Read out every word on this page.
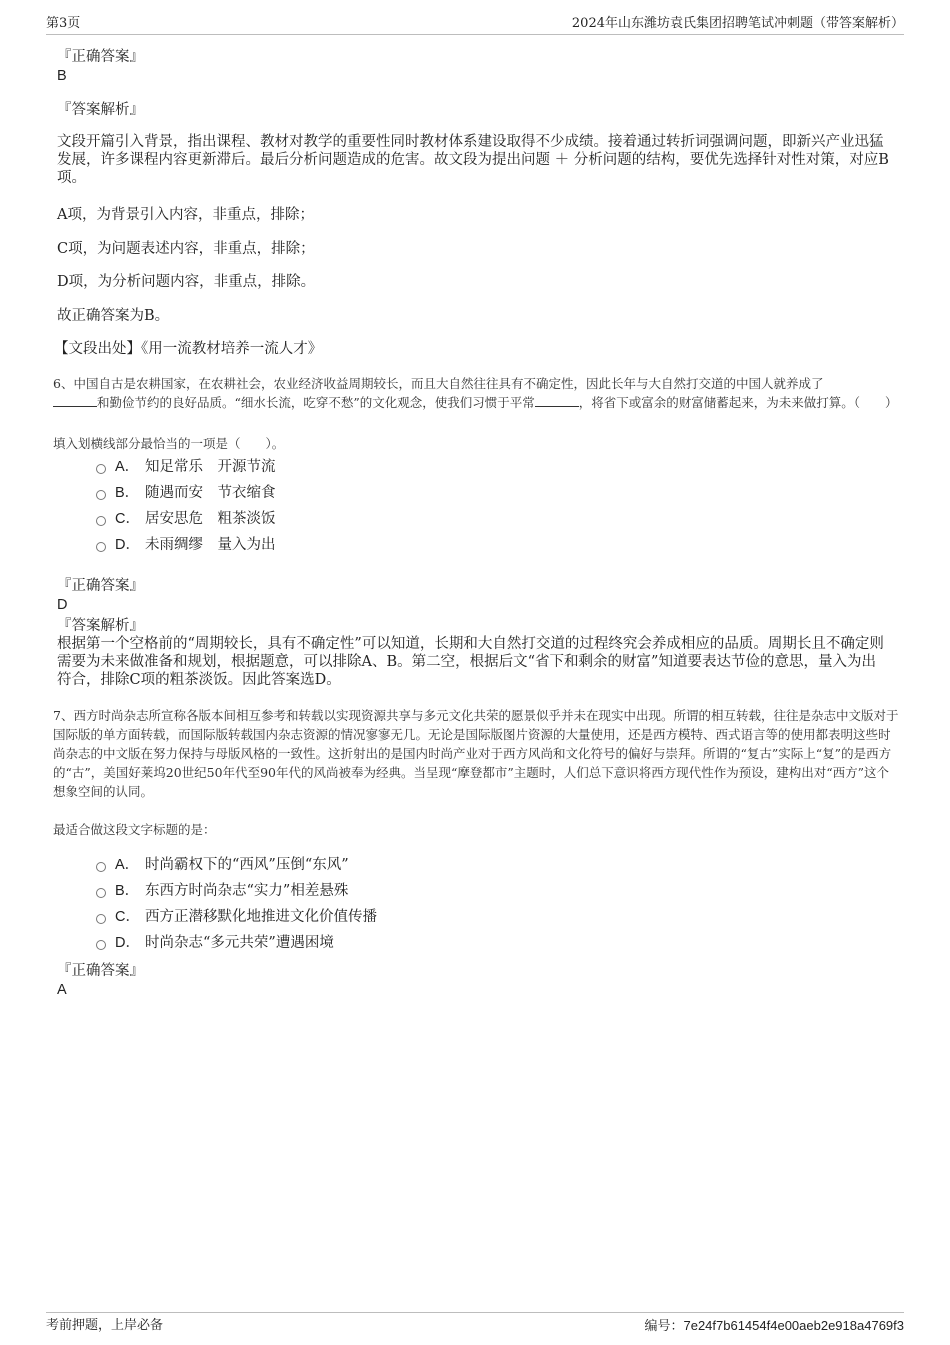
第3页	2024年山东潍坊袁氏集团招聘笔试冲刺题（带答案解析）
『正确答案』
B
『答案解析』
文段开篇引入背景，指出课程、教材对教学的重要性同时教材体系建设取得不少成绩。接着通过转折词强调问题，即新兴产业迅猛发展，许多课程内容更新滞后。最后分析问题造成的危害。故文段为提出问题 ＋ 分析问题的结构，要优先选择针对性对策，对应B项。
A项，为背景引入内容，非重点，排除；
C项，为问题表述内容，非重点，排除；
D项，为分析问题内容，非重点，排除。
故正确答案为B。
【文段出处】《用一流教材培养一流人才》
6、中国自古是农耕国家，在农耕社会，农业经济收益周期较长，而且大自然往往具有不确定性，因此长年与大自然打交道的中国人就养成了
和勤俭节约的良好品质。“细水长流，吃穿不愁”的文化观念，使我们习惯于平常	，将省下或富余的财富储蓄起来，为未来做打算。（　　）
填入划横线部分最恰当的一项是（　　）。
A． 知足常乐　开源节流
B． 随遇而安　节衣缩食
C． 居安思危　粗茶淡饭
D． 未雨绸缪　量入为出
『正确答案』
D
『答案解析』
根据第一个空格前的“周期较长，具有不确定性”可以知道，长期和大自然打交道的过程终究会养成相应的品质。周期长且不确定则需要为未来做准备和规划，根据题意，可以排除A、B。第二空，根据后文“省下和剩余的财富”知道要表达节俭的意思，量入为出符合，排除C项的粗茶淡饭。因此答案选D。
7、西方时尚杂志所宣称各版本间相互参考和转载以实现资源共享与多元文化共荣的愿景似乎并未在现实中出现。所谓的相互转载，往往是杂志中文版对于国际版的单方面转载，而国际版转载国内杂志资源的情况寥寥无几。无论是国际版图片资源的大量使用，还是西方模特、西式语言等的使用都表明这些时尚杂志的中文版在努力保持与母版风格的一致性。这折射出的是国内时尚产业对于西方风尚和文化符号的偏好与崇拜。所谓的“复古”实际上“复”的是西方的“古”，美国好莱坞20世纪50年代至90年代的风尚被奉为经典。当呈现“摩登都市”主题时，人们总下意识将西方现代性作为预设，建构出对“西方”这个想象空间的认同。
最适合做这段文字标题的是：
A． 时尚霸权下的“西风”压倒“东风”
B． 东西方时尚杂志“实力”相差悬殊
C． 西方正潜移默化地推进文化价值传播
D． 时尚杂志“多元共荣”遭遇困境
『正确答案』
A
考前押题，上岸必备	编号：7e24f7b61454f4e00aeb2e918a4769f3
